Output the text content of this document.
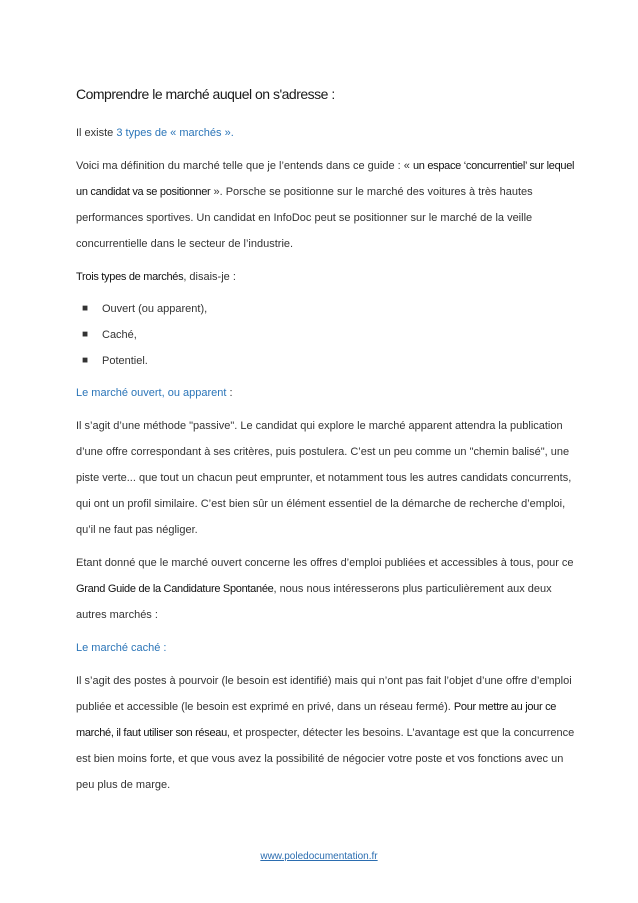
Comprendre le marché auquel on s'adresse :

Il existe 3 types de « marchés ».

Voici ma définition du marché telle que je l’entends dans ce guide : « un espace ‘concurrentiel’ sur lequel un candidat va se positionner ». Porsche se positionne sur le marché des voitures à très hautes performances sportives. Un candidat en InfoDoc peut se positionner sur le marché de la veille concurrentielle dans le secteur de l’industrie.

Trois types de marchés, disais-je :

■ Ouvert (ou apparent),
■ Caché,
■ Potentiel.

Le marché ouvert, ou apparent :

Il s’agit d’une méthode "passive". Le candidat qui explore le marché apparent attendra la publication d’une offre correspondant à ses critères, puis postulera. C’est un peu comme un "chemin balisé", une piste verte... que tout un chacun peut emprunter, et notamment tous les autres candidats concurrents, qui ont un profil similaire. C’est bien sûr un élément essentiel de la démarche de recherche d’emploi, qu’il ne faut pas négliger.

Etant donné que le marché ouvert concerne les offres d’emploi publiées et accessibles à tous, pour ce Grand Guide de la Candidature Spontanée, nous nous intéresserons plus particulièrement aux deux autres marchés :

Le marché caché :

Il s’agit des postes à pourvoir (le besoin est identifié) mais qui n’ont pas fait l’objet d’une offre d’emploi publiée et accessible (le besoin est exprimé en privé, dans un réseau fermé). Pour mettre au jour ce marché, il faut utiliser son réseau, et prospecter, détecter les besoins. L’avantage est que la concurrence est bien moins forte, et que vous avez la possibilité de négocier votre poste et vos fonctions avec un peu plus de marge.

www.poledocumentation.fr
